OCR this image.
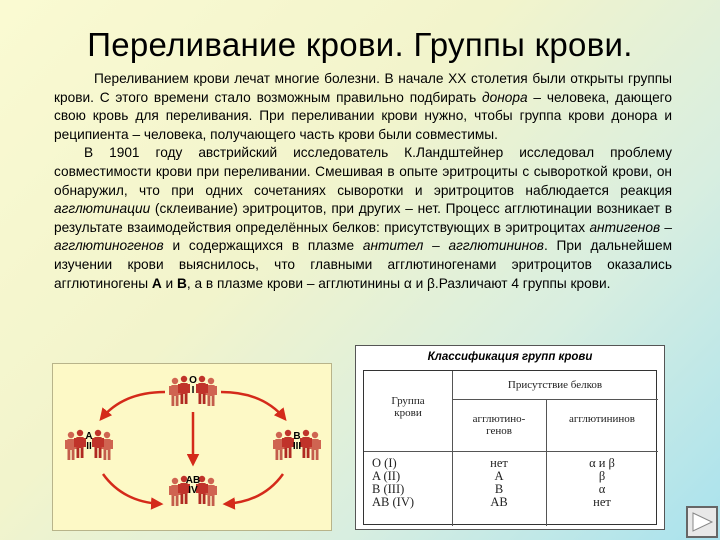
Переливание крови. Группы крови.

Переливанием крови лечат многие болезни. В начале XX столетия были открыты группы крови. С этого времени стало возможным правильно подбирать донора – человека, дающего свою кровь для переливания. При переливании крови нужно, чтобы группа крови донора и реципиента – человека, получающего часть крови были совместимы.

В 1901 году австрийский исследователь К.Ландштейнер исследовал проблему совместимости крови при переливании. Смешивая в опыте эритроциты с сывороткой крови, он обнаружил, что при одних сочетаниях сыворотки и эритроцитов наблюдается реакция агглютинации (склеивание) эритроцитов, при других – нет. Процесс агглютинации возникает в результате взаимодействия определённых белков: присутствующих в эритроцитах антигенов – агглютиногенов и содержащихся в плазме антител – агглютининов. При дальнейшем изучении крови выяснилось, что главными агглютиногенами эритроцитов оказались агглютиногены А и В, а в плазме крови – агглютинины α и β.Различают 4 группы крови.

O
I
A
II
B
III
AB
IV
Классификация групп крови
Группа
крови
Присутствие белков
агглютино-
генов
агглютининов
O (I)
A (II)
B (III)
AB (IV)
нет
A
B
AB
α и β
β
α
нет
